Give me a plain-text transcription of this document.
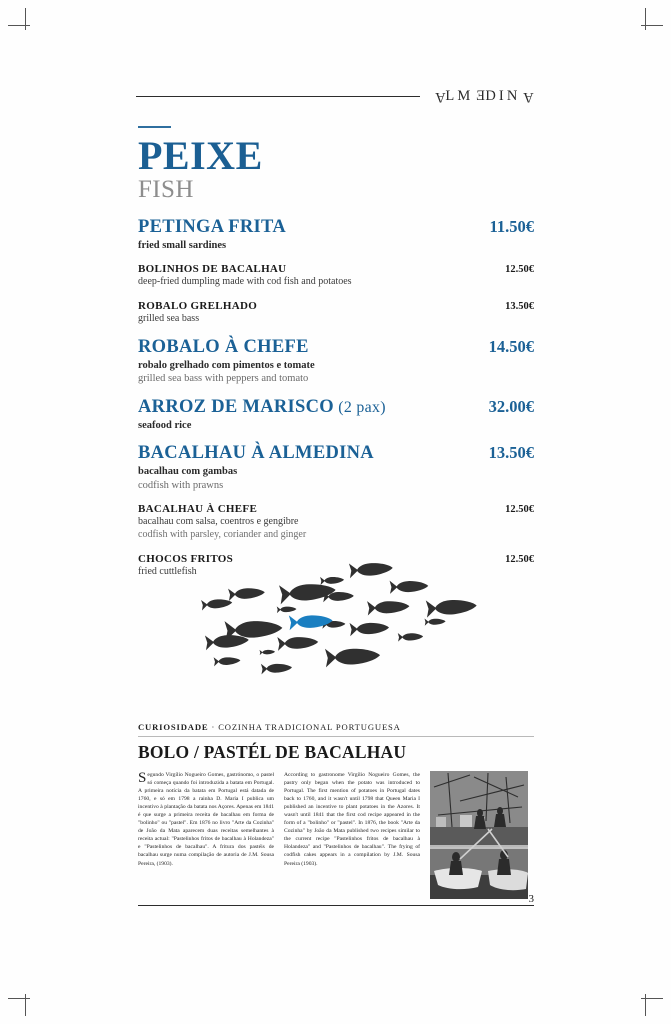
ALMEDINA
PEIXE
FISH
PETINGA FRITA	11.50€
fried small sardines
BOLINHOS DE BACALHAU	12.50€
deep-fried dumpling made with cod fish and potatoes
ROBALO GRELHADO	13.50€
grilled sea bass
ROBALO À CHEFE	14.50€
robalo grelhado com pimentos e tomate
grilled sea bass with peppers and tomato
ARROZ DE MARISCO (2 pax)	32.00€
seafood rice
BACALHAU À ALMEDINA	13.50€
bacalhau com gambas
codfish with prawns
BACALHAU À CHEFE	12.50€
bacalhau com salsa, coentros e gengibre
codfish with parsley, coriander and ginger
CHOCOS FRITOS	12.50€
fried cuttlefish
CURIOSIDADE · COZINHA TRADICIONAL PORTUGUESA
BOLO / PASTÉL DE BACALHAU
Segundo Virgílio Nogueiro Gomes, gastrónomo, o pastel só começa quando foi introduzida a batata em Portugal. A primeira notícia da batata em Portugal está datada de 1760, e só em 1798 a rainha D. Maria I publica um incentivo à plantação da batata nos Açores. Apenas em 1841 é que surge a primeira receita de bacalhau em forma de "bolinho" ou "pastel". Em 1876 no livro "Arte da Cozinha" de João da Mata aparecem duas receitas semelhantes à receita actual: "Pastelinhos fritos de bacalhau à Holandeza" e "Pastelinhos de bacalhau". A fritura dos pastéis de bacalhau surge numa compilação de autoria de J.M. Sousa Pereira, (1903).
According to gastronome Virgílio Nogueiro Gomes, the pastry only began when the potato was introduced to Portugal. The first mention of potatoes in Portugal dates back to 1760, and it wasn't until 1798 that Queen Maria I published an incentive to plant potatoes in the Azores. It wasn't until 1841 that the first cod recipe appeared in the form of a "bolinho" or "pastel". In 1876, the book "Arte da Cozinha" by João da Mata published two recipes similar to the current recipe "Pastelinhos fritos de bacalhau à Holandeza" and "Pastelinhos de bacalhau". The frying of codfish cakes appears in a compilation by J.M. Sousa Pereira (1903).
3
